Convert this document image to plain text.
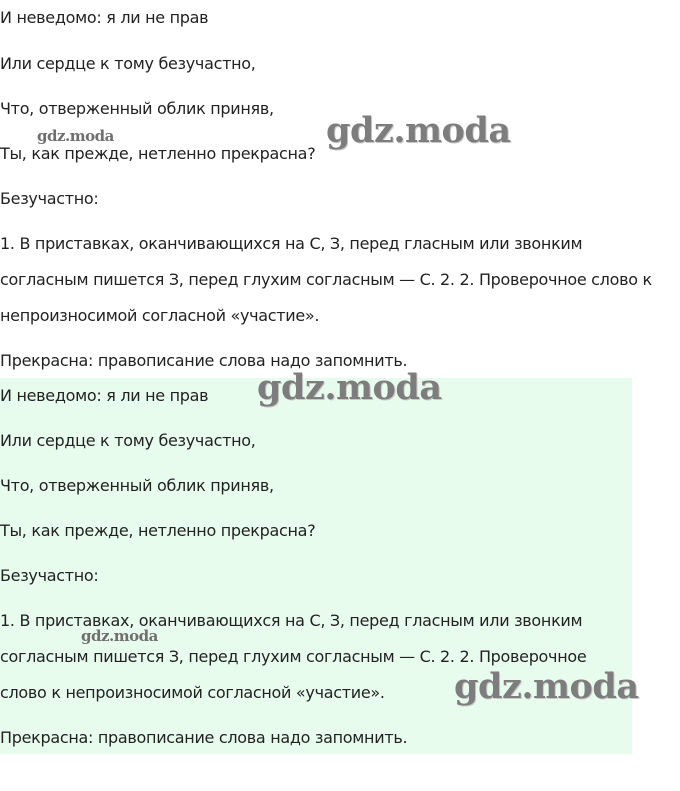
И неведомо: я ли не прав
Или сердце к тому безучастно,
Что, отверженный облик приняв,
Ты, как прежде, нетленно прекрасна?
Безучастно:
1. В приставках, оканчивающихся на С, З, перед гласным или звонким
согласным пишется З, перед глухим согласным — С. 2. 2. Проверочное слово к
непроизносимой согласной «участие».
Прекрасна: правописание слова надо запомнить.
И неведомо: я ли не прав
Или сердце к тому безучастно,
Что, отверженный облик приняв,
Ты, как прежде, нетленно прекрасна?
Безучастно:
1. В приставках, оканчивающихся на С, З, перед гласным или звонким
согласным пишется З, перед глухим согласным — С. 2. 2. Проверочное
слово к непроизносимой согласной «участие».
Прекрасна: правописание слова надо запомнить.
gdz.moda
gdz.moda
gdz.moda
gdz.moda
gdz.moda
